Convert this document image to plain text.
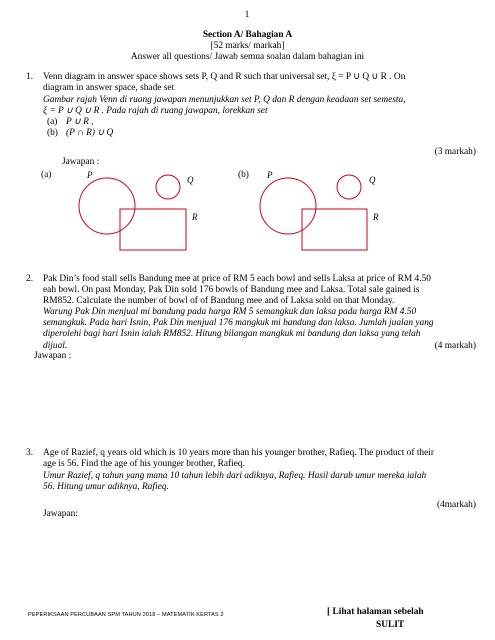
1
Section A/ Bahagian A
[52 marks/ markah]
Answer all questions/ Jawab semua soalan dalam bahagian ini
1. Venn diagram in answer space shows sets P, Q and R such that universal set, ξ = P ∪ Q ∪ R . On
diagram in answer space, shade set
Gambar rajah Venn di ruang jawapan menunjukkan set P, Q dan R dengan keadaan set semesta,
ξ = P ∪ Q ∪ R . Pada rajah di ruang jawapan, lorekkan set
(a) P ∪ R ,
(b) (P ∩ R) ∪ Q
(3 markah)
Jawapan :
(a)	P	Q
R
(b) P	Q
R
2. Pak Din’s food stall sells Bandung mee at price of RM 5 each bowl and sells Laksa at price of RM 4.50
eah bowl. On past Monday, Pak Din sold 176 bowls of Bandung mee and Laksa. Total sale gained is
RM852. Calculate the number of bowl of of Bandung mee and of Laksa sold on that Monday.
Warung Pak Din menjual mi bandung pada harga RM 5 semangkuk dan laksa pada harga RM 4.50
semangkuk. Pada hari Isnin, Pak Din menjual 176 mangkuk mi bandung dan laksa. Jumlah jualan yang
diperolehi bagi hari Isnin ialah RM852. Hitung bilangan mangkuk mi bandung dan laksa yang telah
dijual.	(4 markah)
Jawapan :
3. Age of Razief, q years old which is 10 years more than his younger brother, Rafieq. The product of their
age is 56. Find the age of his younger brother, Rafieq.
Umur Razief, q tahun yang mana 10 tahun lebih dari adiknya, Rafieq. Hasil darab umur mereka ialah
56. Hitung umur adiknya, Rafieq.
(4markah)
Jawapan:
PEPERIKSAAN PERCUBAAN SPM TAHUN 2018 – MATEMATIK KERTAS 2	[ Lihat halaman sebelah
SULIT
